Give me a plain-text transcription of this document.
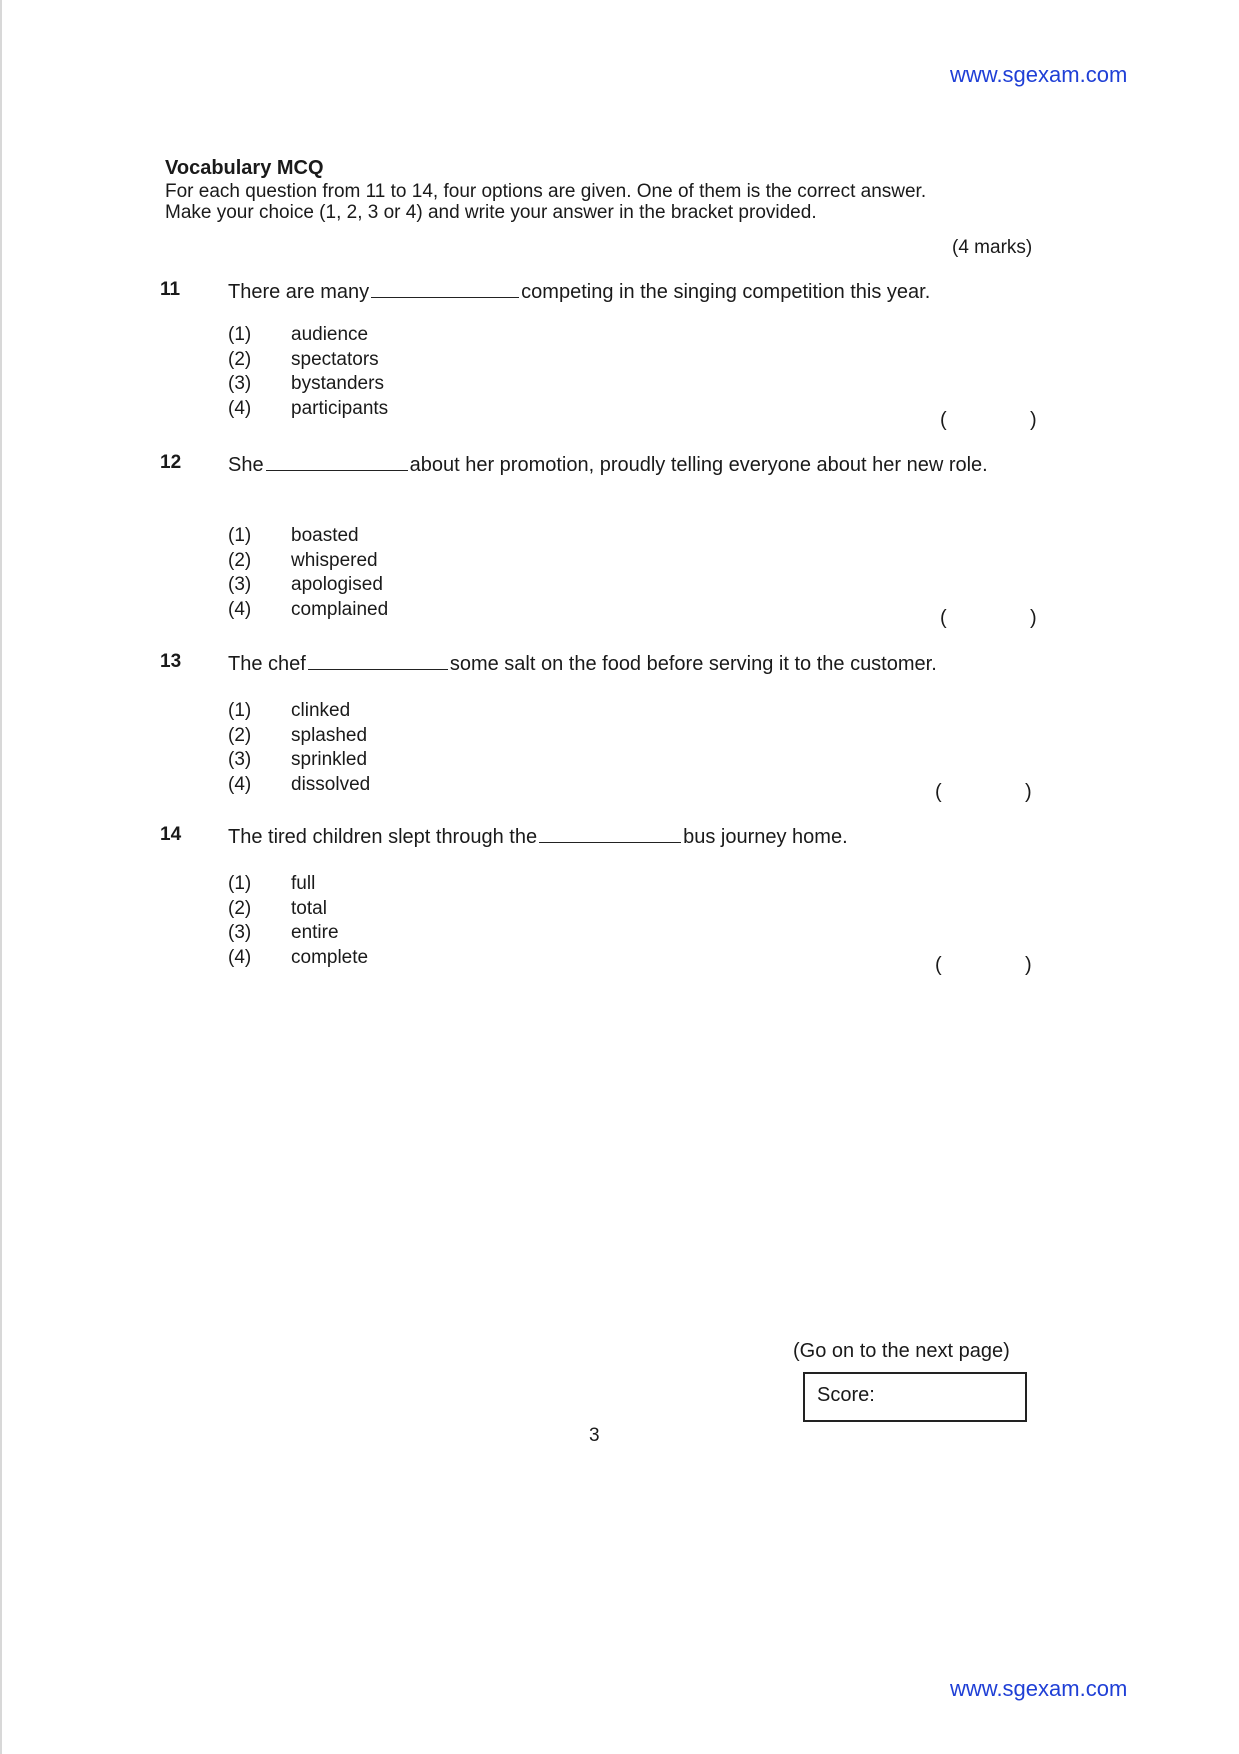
www.sgexam.com
Vocabulary MCQ
For each question from 11 to 14, four options are given. One of them is the correct answer.
Make your choice (1, 2, 3 or 4) and write your answer in the bracket provided.
(4 marks)
11 There are many	competing in the singing competition this year.
(1) audience
(2) spectators
(3) bystanders
(4) participants
(	)
12 She	about her promotion, proudly telling everyone about her new role.
(1) boasted
(2) whispered
(3) apologised
(4) complained	(	)
13 The chef	some salt on the food before serving it to the customer.
(1) clinked
(2) splashed
(3) sprinkled
(4) dissolved	(	)
14 The tired children slept through the	bus journey home.
(1) full
(2) total
(3) entire
(4) complete	(	)
(Go on to the next page)
Score:
3
www.sgexam.com
